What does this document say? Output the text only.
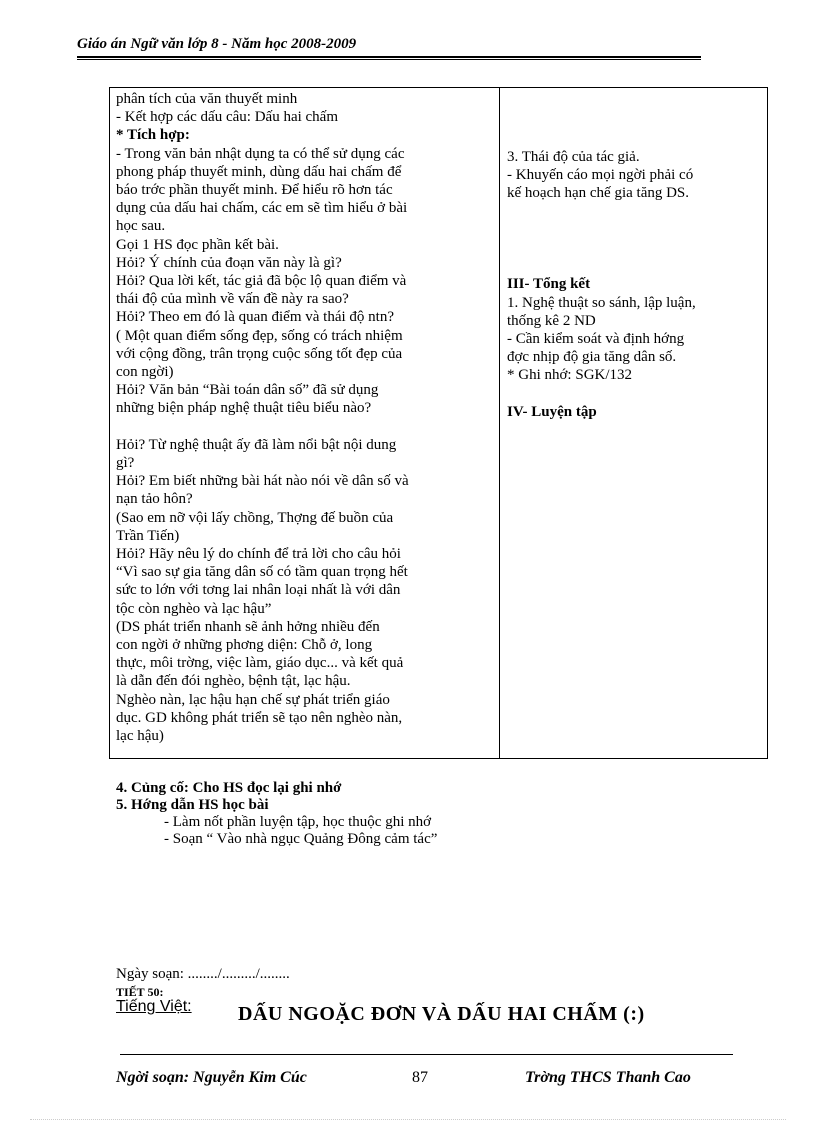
Giáo án Ngữ văn lớp 8 - Năm học 2008-2009
phân tích của văn thuyết minh
- Kết hợp các dấu câu: Dấu hai chấm
* Tích hợp:
- Trong văn bản nhật dụng ta có thể sử dụng các
phong pháp thuyết minh, dùng dấu hai chấm để
báo trớc phần thuyết minh. Để hiểu rõ hơn tác
dụng của dấu hai chấm, các em sẽ tìm hiểu ở bài
học sau.
Gọi 1 HS đọc phần kết bài.
Hỏi? Ý chính của đoạn văn này là gì?
Hỏi? Qua lời kết, tác giả đã bộc lộ quan điểm và
thái độ của mình về vấn đề này ra sao?
Hỏi? Theo em đó là quan điểm và thái độ ntn?
( Một quan điểm sống đẹp, sống có trách nhiệm
với cộng đồng, trân trọng cuộc sống tốt đẹp của
con ngời)
Hỏi? Văn bản “Bài toán dân số” đã sử dụng
những biện pháp nghệ thuật tiêu biểu nào?
Hỏi? Từ nghệ thuật ấy đã làm nổi bật nội dung
gì?
Hỏi? Em biết những bài hát nào nói về dân số và
nạn tảo hôn?
(Sao em nỡ vội lấy chồng, Thợng đế buồn của
Trần Tiến)
Hỏi? Hãy nêu lý do chính để trả lời cho câu hỏi
“Vì sao sự gia tăng dân số có tầm quan trọng hết
sức to lớn với tơng lai nhân loại nhất là với dân
tộc còn nghèo và lạc hậu”
(DS phát triển nhanh sẽ ảnh hởng nhiều đến
con ngời ở những phơng diện: Chỗ ở, long
thực, môi trờng, việc làm, giáo dục... và kết quả
là dẫn đến đói nghèo, bệnh tật, lạc hậu.
Nghèo nàn, lạc hậu hạn chế sự phát triển giáo
dục. GD không phát triển sẽ tạo nên nghèo nàn,
lạc hậu)
3. Thái độ của tác giả.
- Khuyến cáo mọi ngời phải có
kế hoạch hạn chế gia tăng DS.
III- Tổng kết
1. Nghệ thuật so sánh, lập luận,
thống kê 2 ND
- Cần kiểm soát và định hớng
đợc nhịp độ gia tăng dân số.
* Ghi nhớ: SGK/132
IV- Luyện tập
4. Củng cố: Cho HS đọc lại ghi nhớ
5. Hớng dẫn HS học bài
- Làm nốt phần luyện tập, học thuộc ghi nhớ
- Soạn “ Vào nhà ngục Quảng Đông cảm tác”
Ngày soạn: ......../........./........
TIẾT 50:
Tiếng Việt: DẤU NGOẶC ĐƠN VÀ DẤU HAI CHẤM (:)
Ngời soạn: Nguyễn Kim Cúc	87	Trờng THCS Thanh Cao
